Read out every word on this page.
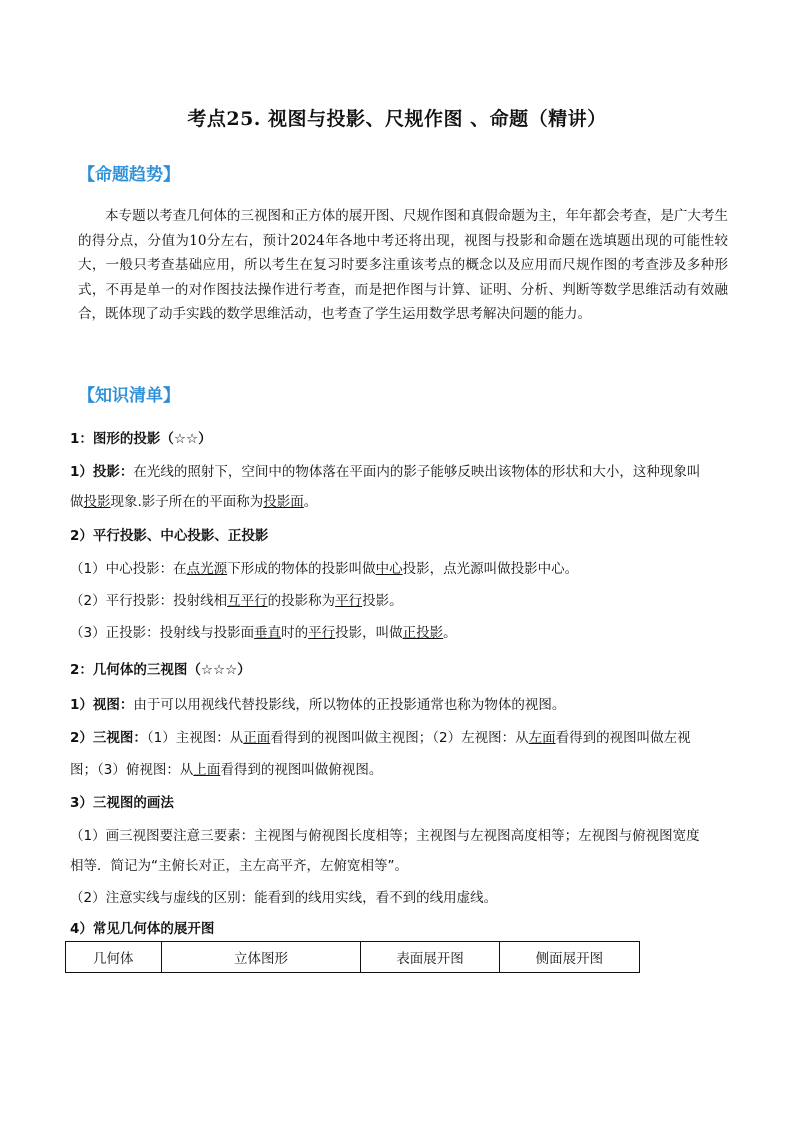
考点25. 视图与投影、尺规作图 、命题（精讲）
【命题趋势】
本专题以考查几何体的三视图和正方体的展开图、尺规作图和真假命题为主，年年都会考查，是广大考生的得分点，分值为10分左右，预计2024年各地中考还将出现，视图与投影和命题在选填题出现的可能性较大，一般只考查基础应用，所以考生在复习时要多注重该考点的概念以及应用而尺规作图的考查涉及多种形式，不再是单一的对作图技法操作进行考查，而是把作图与计算、证明、分析、判断等数学思维活动有效融合，既体现了动手实践的数学思维活动，也考查了学生运用数学思考解决问题的能力。
【知识清单】
1：图形的投影（☆☆）
1）投影：在光线的照射下，空间中的物体落在平面内的影子能够反映出该物体的形状和大小，这种现象叫
做投影现象.影子所在的平面称为投影面。
2）平行投影、中心投影、正投影
（1）中心投影：在点光源下形成的物体的投影叫做中心投影，点光源叫做投影中心。
（2）平行投影：投射线相互平行的投影称为平行投影。
（3）正投影：投射线与投影面垂直时的平行投影，叫做正投影。
2：几何体的三视图（☆☆☆）
1）视图：由于可以用视线代替投影线，所以物体的正投影通常也称为物体的视图。
2）三视图：（1）主视图：从正面看得到的视图叫做主视图；（2）左视图：从左面看得到的视图叫做左视
图；（3）俯视图：从上面看得到的视图叫做俯视图。
3）三视图的画法
（1）画三视图要注意三要素：主视图与俯视图长度相等；主视图与左视图高度相等；左视图与俯视图宽度
相等．简记为“主俯长对正，主左高平齐，左俯宽相等”。
（2）注意实线与虚线的区别：能看到的线用实线，看不到的线用虚线。
4）常见几何体的展开图
几何体	立体图形	表面展开图	侧面展开图
